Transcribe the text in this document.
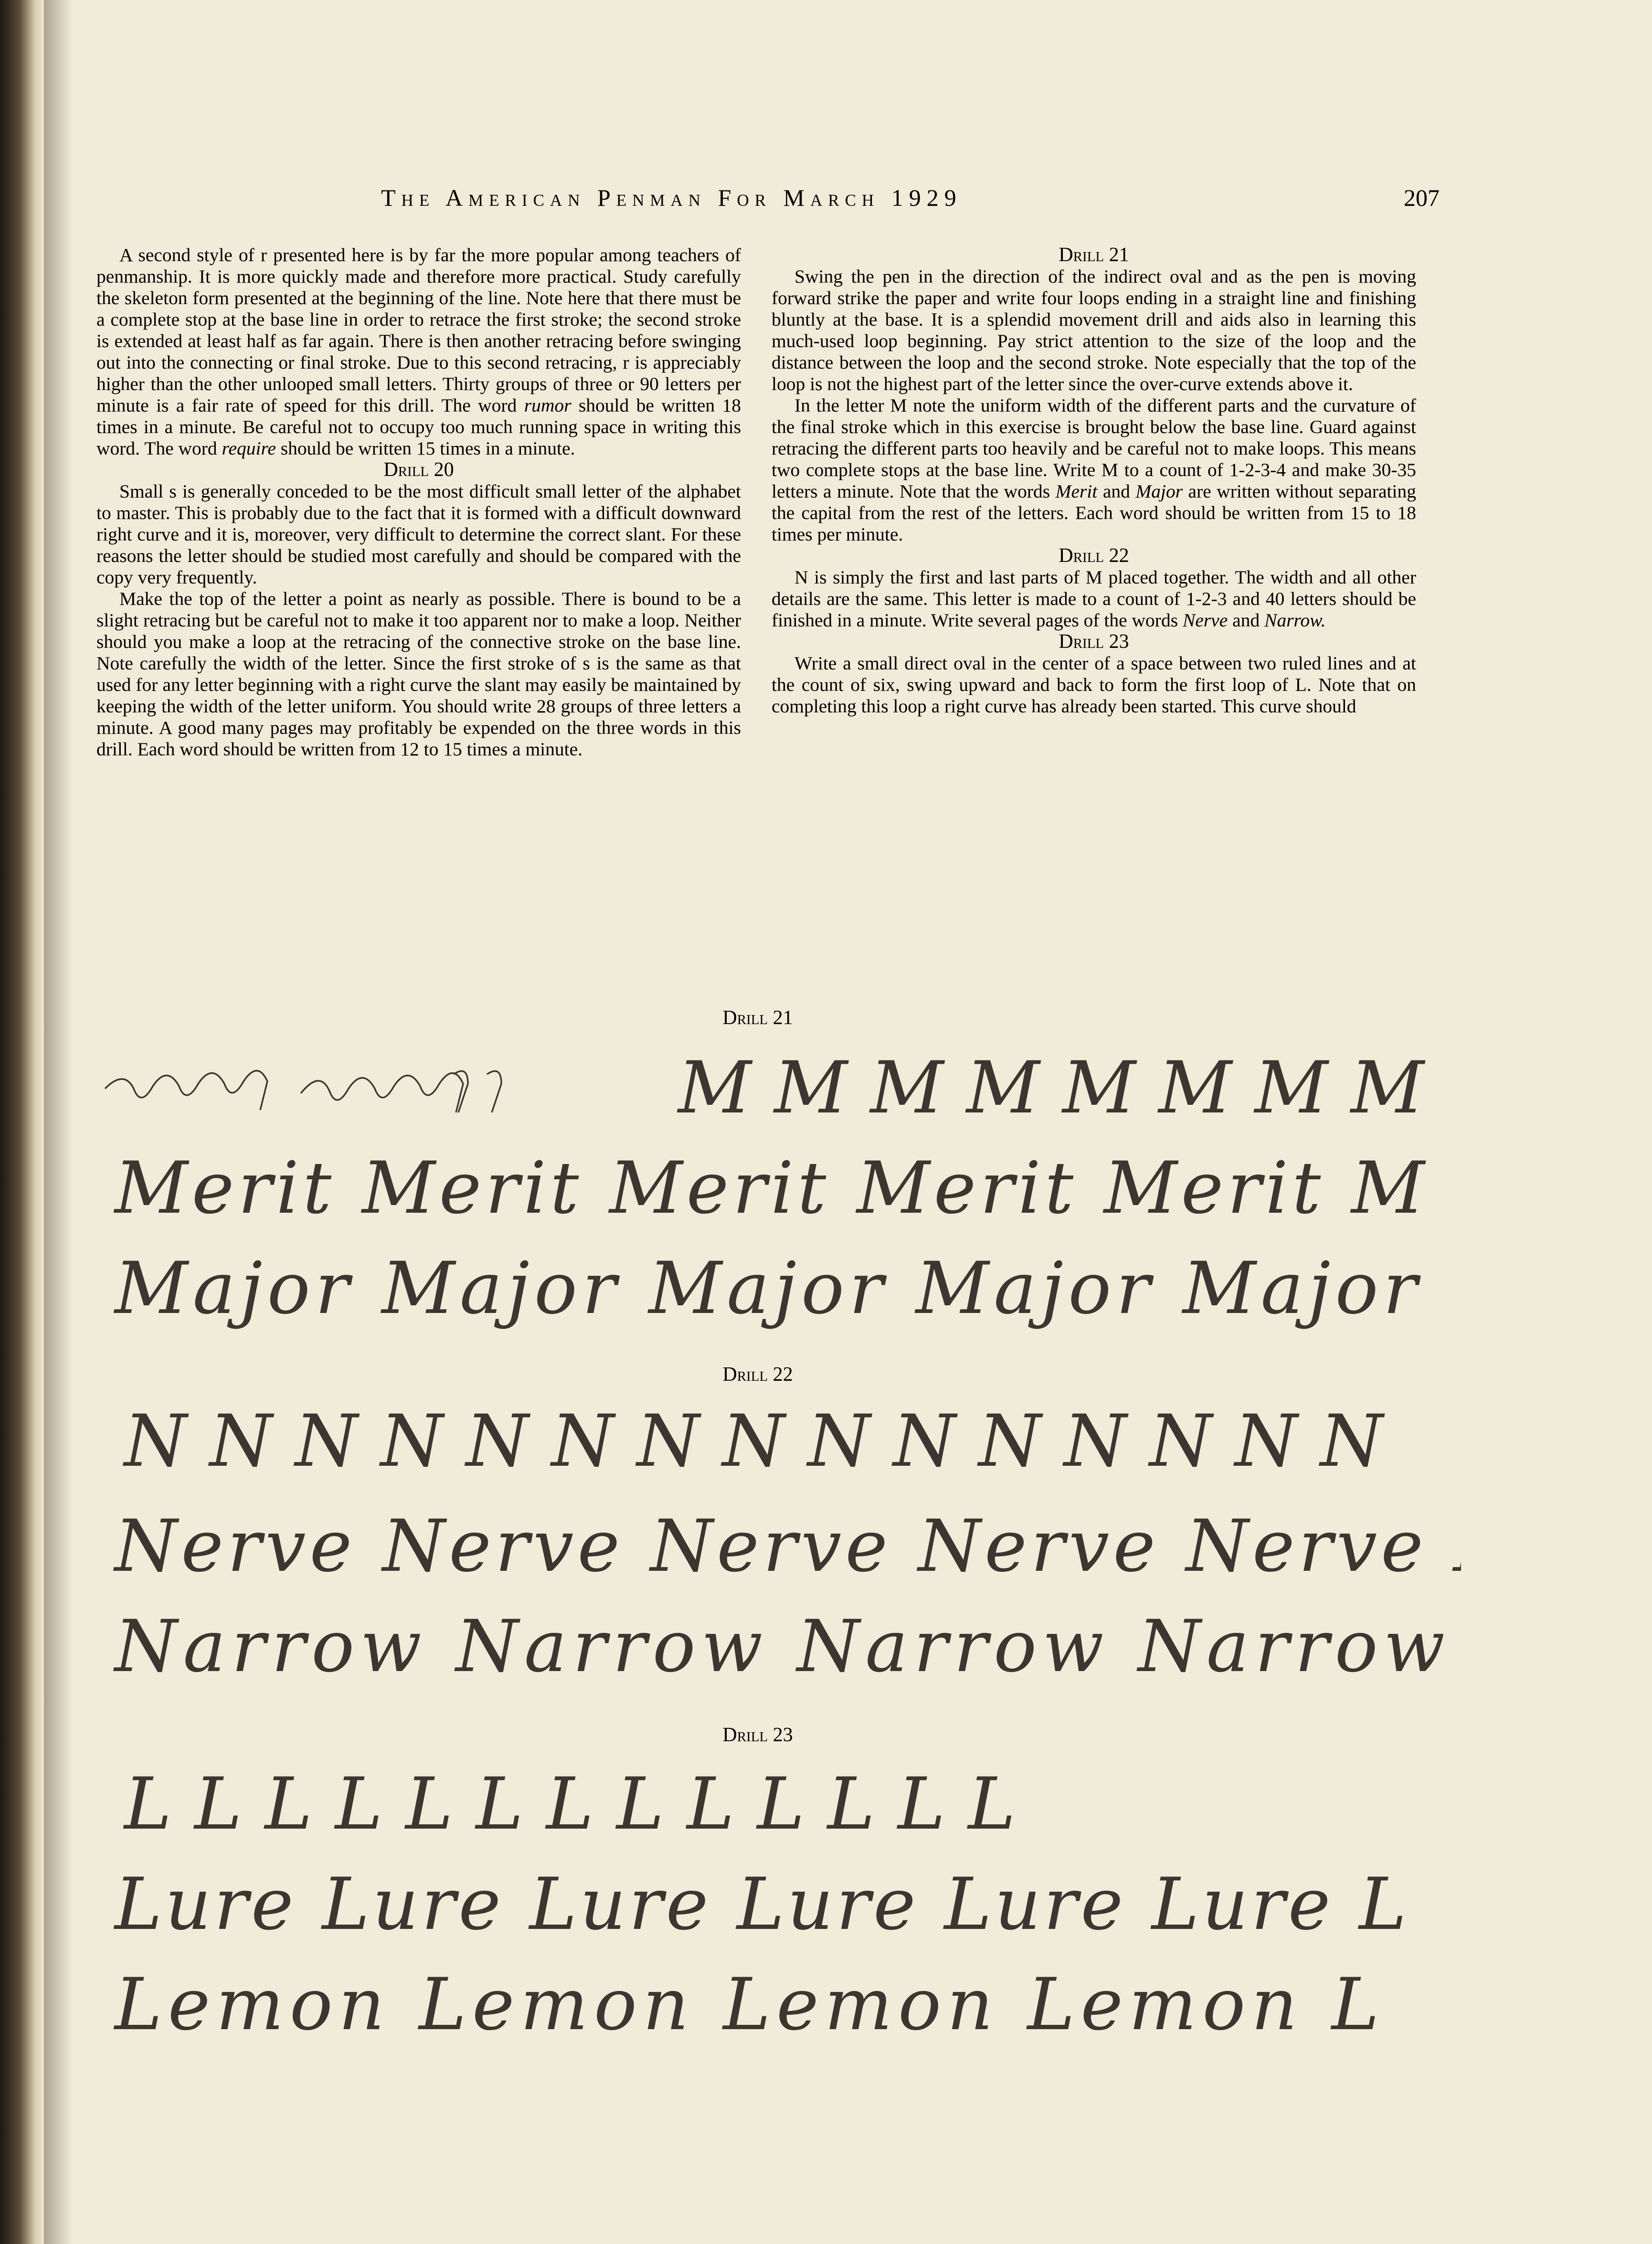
The American Penman For March 1929	207

A second style of r presented here is by far the more popular among teachers of penmanship. It is more quickly made and therefore more practical. Study carefully the skeleton form presented at the beginning of the line. Note here that there must be a complete stop at the base line in order to retrace the first stroke; the second stroke is extended at least half as far again. There is then another retracing before swinging out into the connecting or final stroke. Due to this second retracing, r is appreciably higher than the other unlooped small letters. Thirty groups of three or 90 letters per minute is a fair rate of speed for this drill. The word rumor should be written 18 times in a minute. Be careful not to occupy too much running space in writing this word. The word require should be written 15 times in a minute.

Drill 20

Small s is generally conceded to be the most difficult small letter of the alphabet to master. This is probably due to the fact that it is formed with a difficult downward right curve and it is, moreover, very difficult to determine the correct slant. For these reasons the letter should be studied most carefully and should be compared with the copy very frequently.

Make the top of the letter a point as nearly as possible. There is bound to be a slight retracing but be careful not to make it too apparent nor to make a loop. Neither should you make a loop at the retracing of the connective stroke on the base line. Note carefully the width of the letter. Since the first stroke of s is the same as that used for any letter beginning with a right curve the slant may easily be maintained by keeping the width of the letter uniform. You should write 28 groups of three letters a minute. A good many pages may profitably be expended on the three words in this drill. Each word should be written from 12 to 15 times a minute.

Drill 21

Swing the pen in the direction of the indirect oval and as the pen is moving forward strike the paper and write four loops ending in a straight line and finishing bluntly at the base. It is a splendid movement drill and aids also in learning this much-used loop beginning. Pay strict attention to the size of the loop and the distance between the loop and the second stroke. Note especially that the top of the loop is not the highest part of the letter since the over-curve extends above it.

In the letter M note the uniform width of the different parts and the curvature of the final stroke which in this exercise is brought below the base line. Guard against retracing the different parts too heavily and be careful not to make loops. This means two complete stops at the base line. Write M to a count of 1-2-3-4 and make 30-35 letters a minute. Note that the words Merit and Major are written without separating the capital from the rest of the letters. Each word should be written from 15 to 18 times per minute.

Drill 22

N is simply the first and last parts of M placed together. The width and all other details are the same. This letter is made to a count of 1-2-3 and 40 letters should be finished in a minute. Write several pages of the words Nerve and Narrow.

Drill 23

Write a small direct oval in the center of a space between two ruled lines and at the count of six, swing upward and back to form the first loop of L. Note that on completing this loop a right curve has already been started. This curve should

Drill 21
M M M M M M M M
Merit Merit Merit Merit Merit M
Major Major Major Major Major
Drill 22
N N N N N N N N N N N N N N N
Nerve Nerve Nerve Nerve Nerve N
Narrow Narrow Narrow Narrow
Drill 23
L L L L L L L L L L L L L
Lure Lure Lure Lure Lure Lure L
Lemon Lemon Lemon Lemon L
